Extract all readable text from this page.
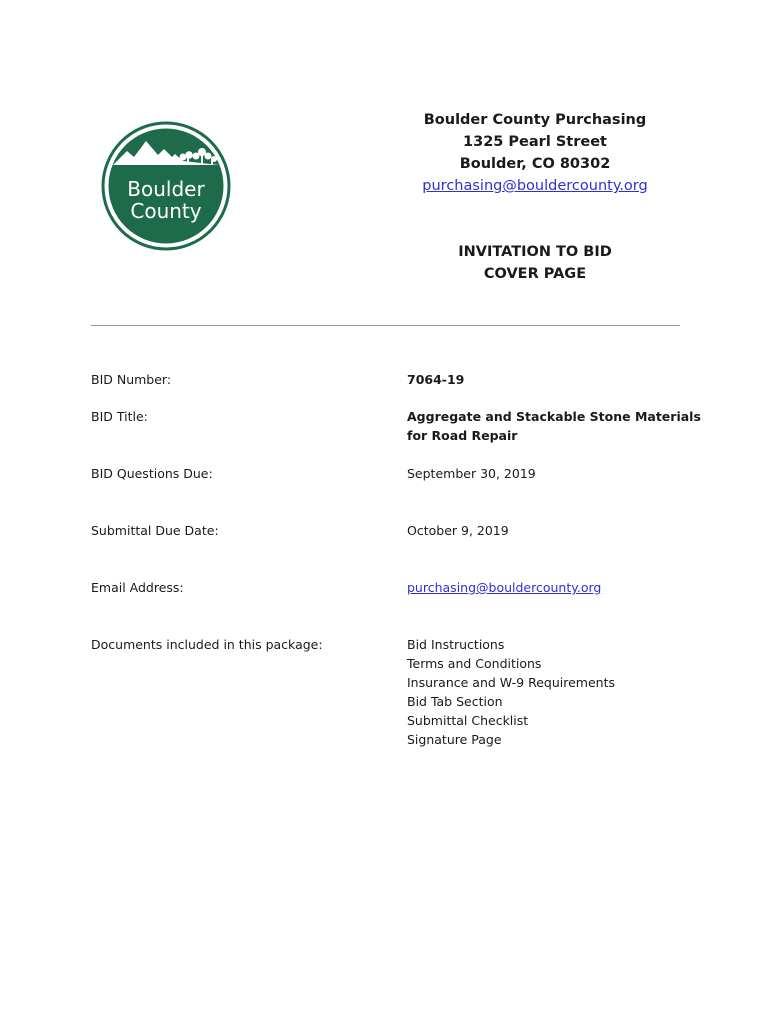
Boulder
County
Boulder County Purchasing
1325 Pearl Street
Boulder, CO 80302
purchasing@bouldercounty.org
INVITATION TO BID
COVER PAGE
BID Number:	7064-19
BID Title:	Aggregate and Stackable Stone Materials
for Road Repair
BID Questions Due:	September 30, 2019
Submittal Due Date:	October 9, 2019
Email Address:	purchasing@bouldercounty.org
Documents included in this package:	Bid Instructions
Terms and Conditions
Insurance and W-9 Requirements
Bid Tab Section
Submittal Checklist
Signature Page
